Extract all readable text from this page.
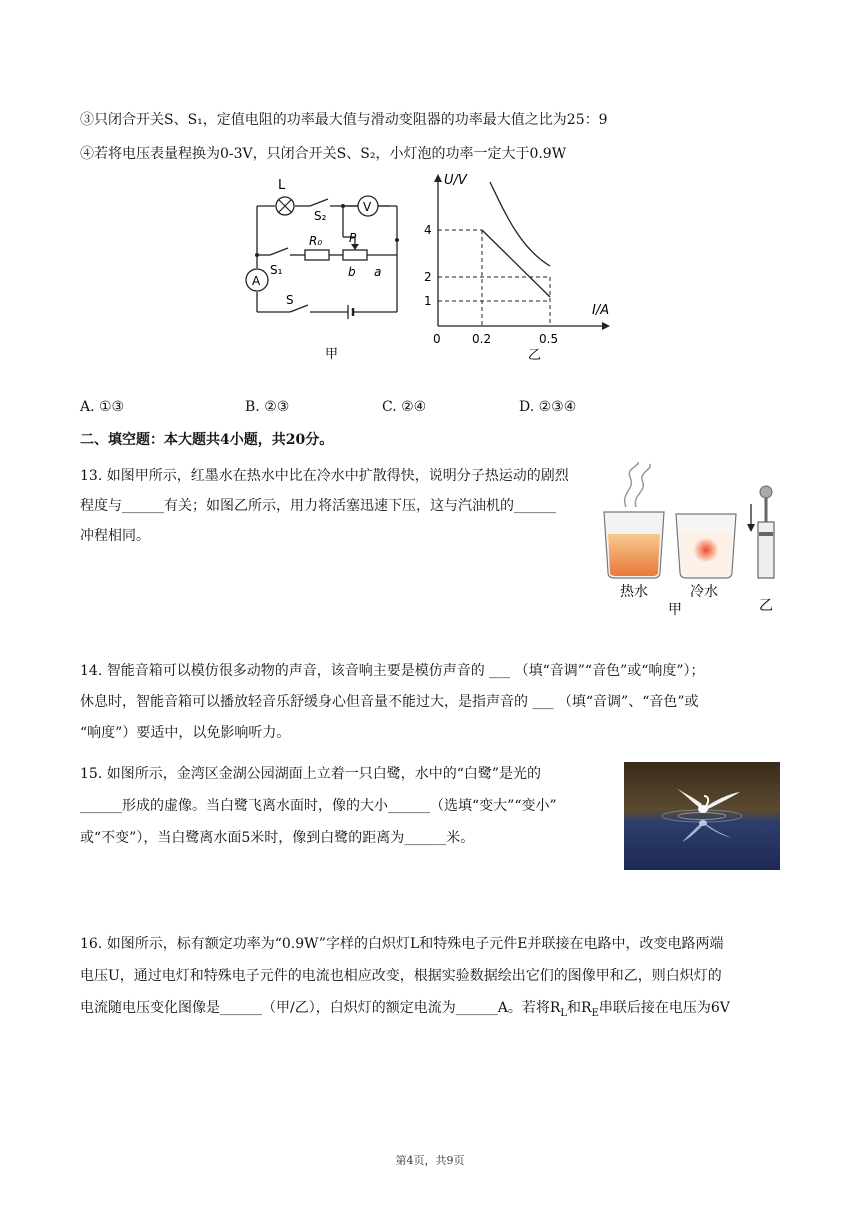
③只闭合开关S、S₁，定值电阻的功率最大值与滑动变阻器的功率最大值之比为25：9
④若将电压表量程换为0-3V，只闭合开关S、S₂，小灯泡的功率一定大于0.9W
L
S₂
V
R₀ P
S₁	b a
A
S
甲
U/V
I/A
4
2
1
0	0.2	0.5
乙
A. ①③	B. ②③	C. ②④	D. ②③④
二、填空题：本大题共4小题，共20分。
13. 如图甲所示，红墨水在热水中比在冷水中扩散得快，说明分子热运动的剧烈
程度与______有关；如图乙所示，用力将活塞迅速下压，这与汽油机的______
冲程相同。
热水	冷水
甲	乙
14. 智能音箱可以模仿很多动物的声音，该音响主要是模仿声音的 ___ （填“音调”“音色”或“响度”）；
休息时，智能音箱可以播放轻音乐舒缓身心但音量不能过大，是指声音的 ___ （填“音调”、“音色”或
“响度”）要适中，以免影响听力。
15. 如图所示，金湾区金湖公园湖面上立着一只白鹭，水中的“白鹭”是光的
______形成的虚像。当白鹭飞离水面时，像的大小______（选填“变大”“变小”
或“不变”），当白鹭离水面5米时，像到白鹭的距离为______米。
16. 如图所示，标有额定功率为“0.9W”字样的白炽灯L和特殊电子元件E并联接在电路中，改变电路两端
电压U，通过电灯和特殊电子元件的电流也相应改变，根据实验数据绘出它们的图像甲和乙，则白炽灯的
电流随电压变化图像是______（甲/乙），白炽灯的额定电流为______A。若将$R_L$和$R_E$串联后接在电压为6V
第4页，共9页
